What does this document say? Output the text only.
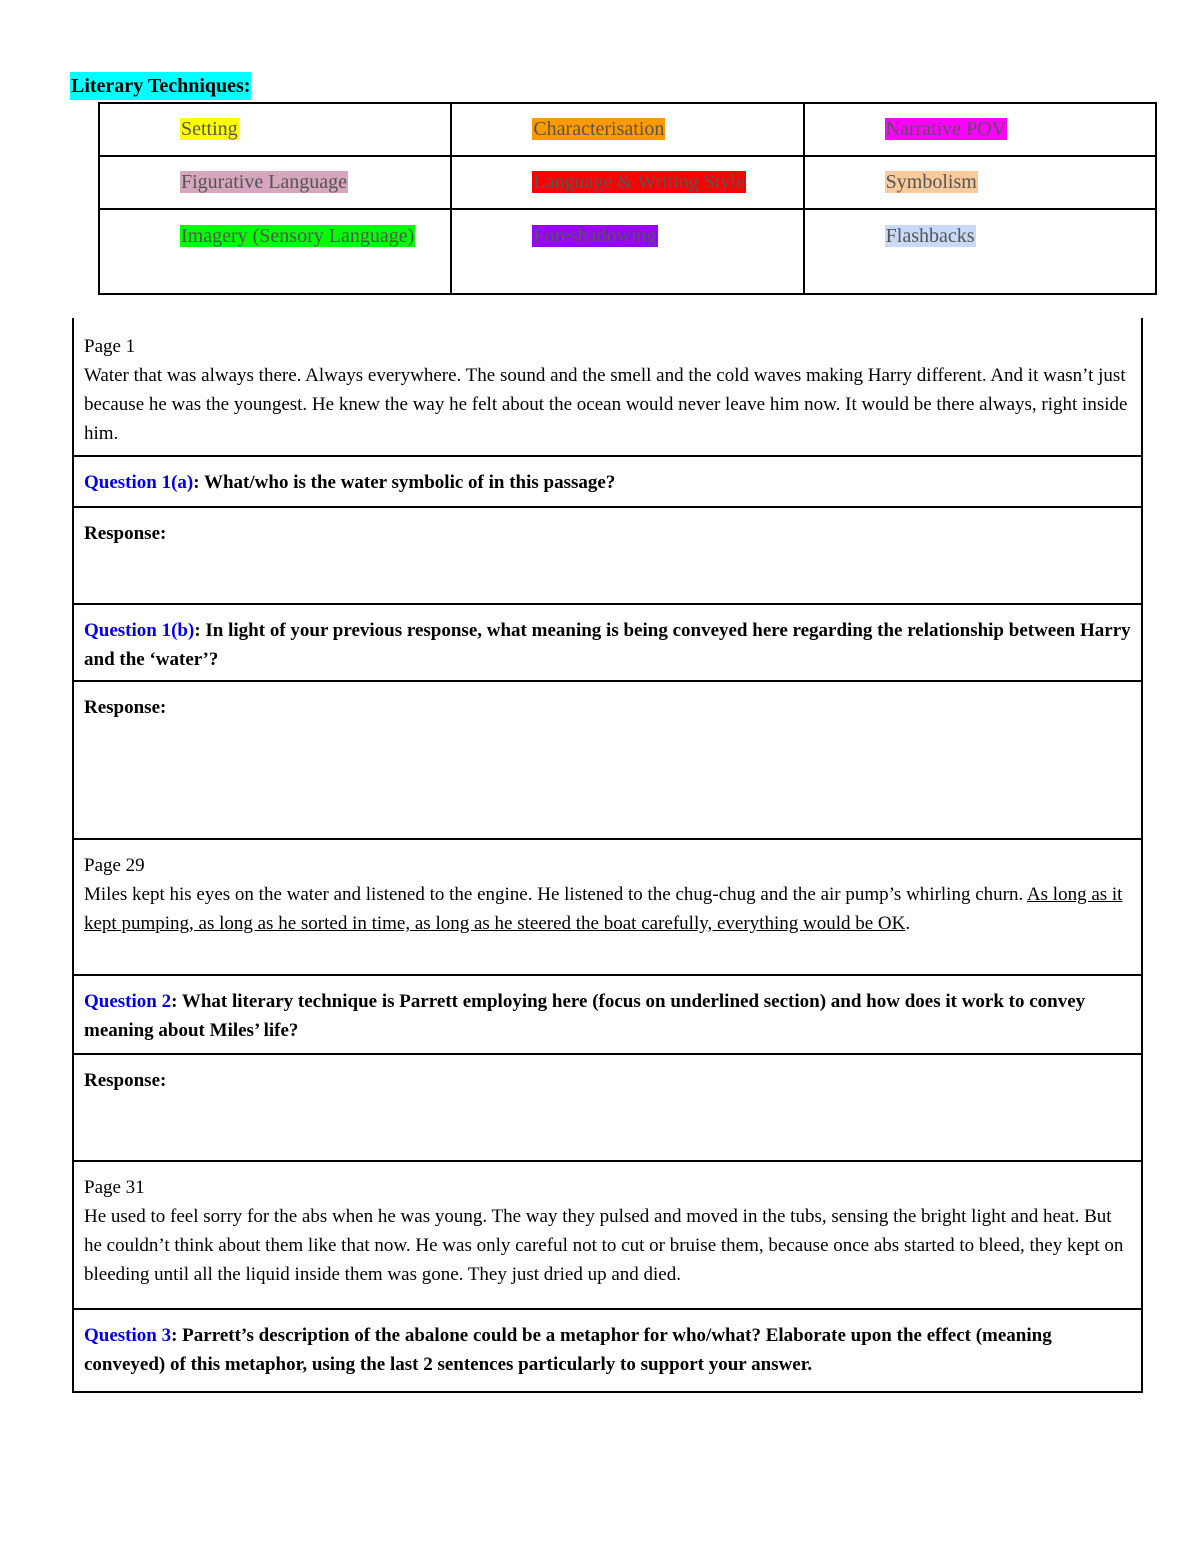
Literary Techniques:
Setting	Characterisation	Narrative POV
Figurative Language	Language & Writing Style	Symbolism
Imagery (Sensory Language)	Foreshadowing	Flashbacks
Page 1
Water that was always there. Always everywhere. The sound and the smell and the cold waves making Harry different. And it wasn’t just because he was the youngest. He knew the way he felt about the ocean would never leave him now. It would be there always, right inside him.
Question 1(a): What/who is the water symbolic of in this passage?
Response:
Question 1(b): In light of your previous response, what meaning is being conveyed here regarding the relationship between Harry and the ‘water’?
Response:
Page 29
Miles kept his eyes on the water and listened to the engine. He listened to the chug-chug and the air pump’s whirling churn. As long as it kept pumping, as long as he sorted in time, as long as he steered the boat carefully, everything would be OK.
Question 2: What literary technique is Parrett employing here (focus on underlined section) and how does it work to convey meaning about Miles’ life?
Response:
Page 31
He used to feel sorry for the abs when he was young. The way they pulsed and moved in the tubs, sensing the bright light and heat. But he couldn’t think about them like that now. He was only careful not to cut or bruise them, because once abs started to bleed, they kept on bleeding until all the liquid inside them was gone. They just dried up and died.
Question 3: Parrett’s description of the abalone could be a metaphor for who/what? Elaborate upon the effect (meaning conveyed) of this metaphor, using the last 2 sentences particularly to support your answer.
